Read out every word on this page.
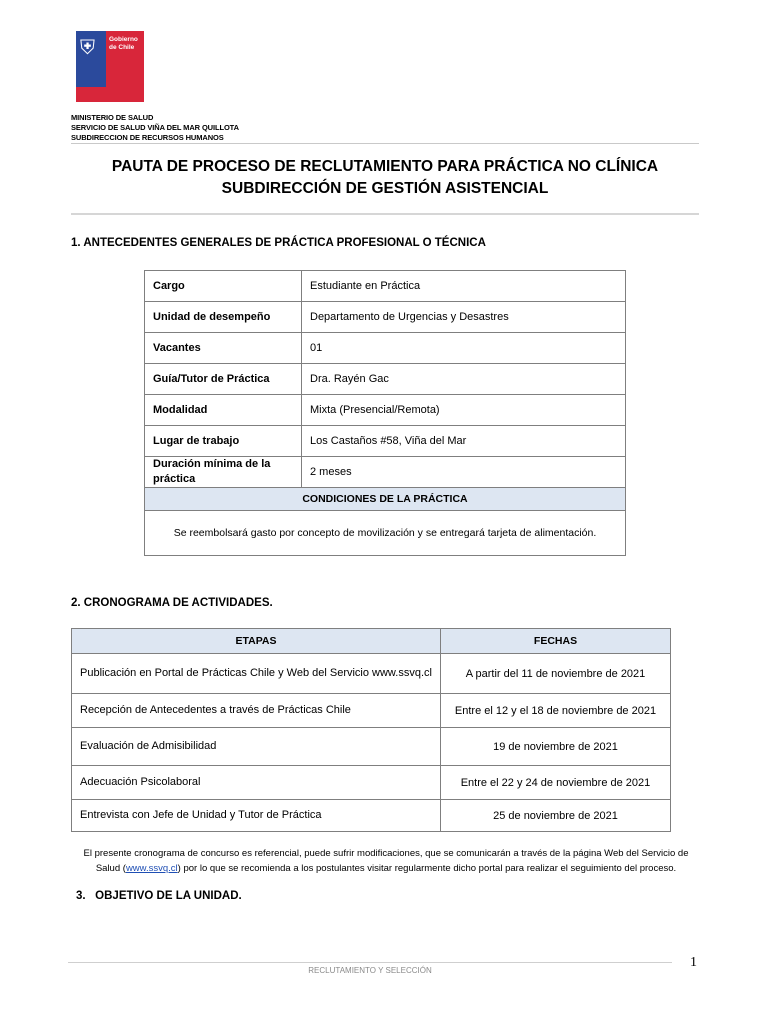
⛨ Gobierno
de Chile
MINISTERIO DE SALUD
SERVICIO DE SALUD VIÑA DEL MAR QUILLOTA
SUBDIRECCION DE RECURSOS HUMANOS
PAUTA DE PROCESO DE RECLUTAMIENTO PARA PRÁCTICA NO CLÍNICA
SUBDIRECCIÓN DE GESTIÓN ASISTENCIAL
1. ANTECEDENTES GENERALES DE PRÁCTICA PROFESIONAL O TÉCNICA
Cargo	Estudiante en Práctica
Unidad de desempeño	Departamento de Urgencias y Desastres
Vacantes	01
Guía/Tutor de Práctica	Dra. Rayén Gac
Modalidad	Mixta (Presencial/Remota)
Lugar de trabajo	Los Castaños #58, Viña del Mar
Duración mínima de la práctica	2 meses
CONDICIONES DE LA PRÁCTICA	
Se reembolsará gasto por concepto de movilización y se entregará tarjeta de alimentación.	
2. CRONOGRAMA DE ACTIVIDADES.
ETAPAS	FECHAS
Publicación en Portal de Prácticas Chile y Web del Servicio www.ssvq.cl	A partir del 11 de noviembre de 2021
Recepción de Antecedentes a través de Prácticas Chile	Entre el 12 y el 18 de noviembre de 2021
Evaluación de Admisibilidad	19 de noviembre de 2021
Adecuación Psicolaboral	Entre el 22 y 24 de noviembre de 2021
Entrevista con Jefe de Unidad y Tutor de Práctica	25 de noviembre de 2021
El presente cronograma de concurso es referencial, puede sufrir modificaciones, que se comunicarán a través de la página Web del Servicio de Salud (www.ssvq.cl) por lo que se recomienda a los postulantes visitar regularmente dicho portal para realizar el seguimiento del proceso.
3.   OBJETIVO DE LA UNIDAD.
RECLUTAMIENTO Y SELECCIÓN
1
